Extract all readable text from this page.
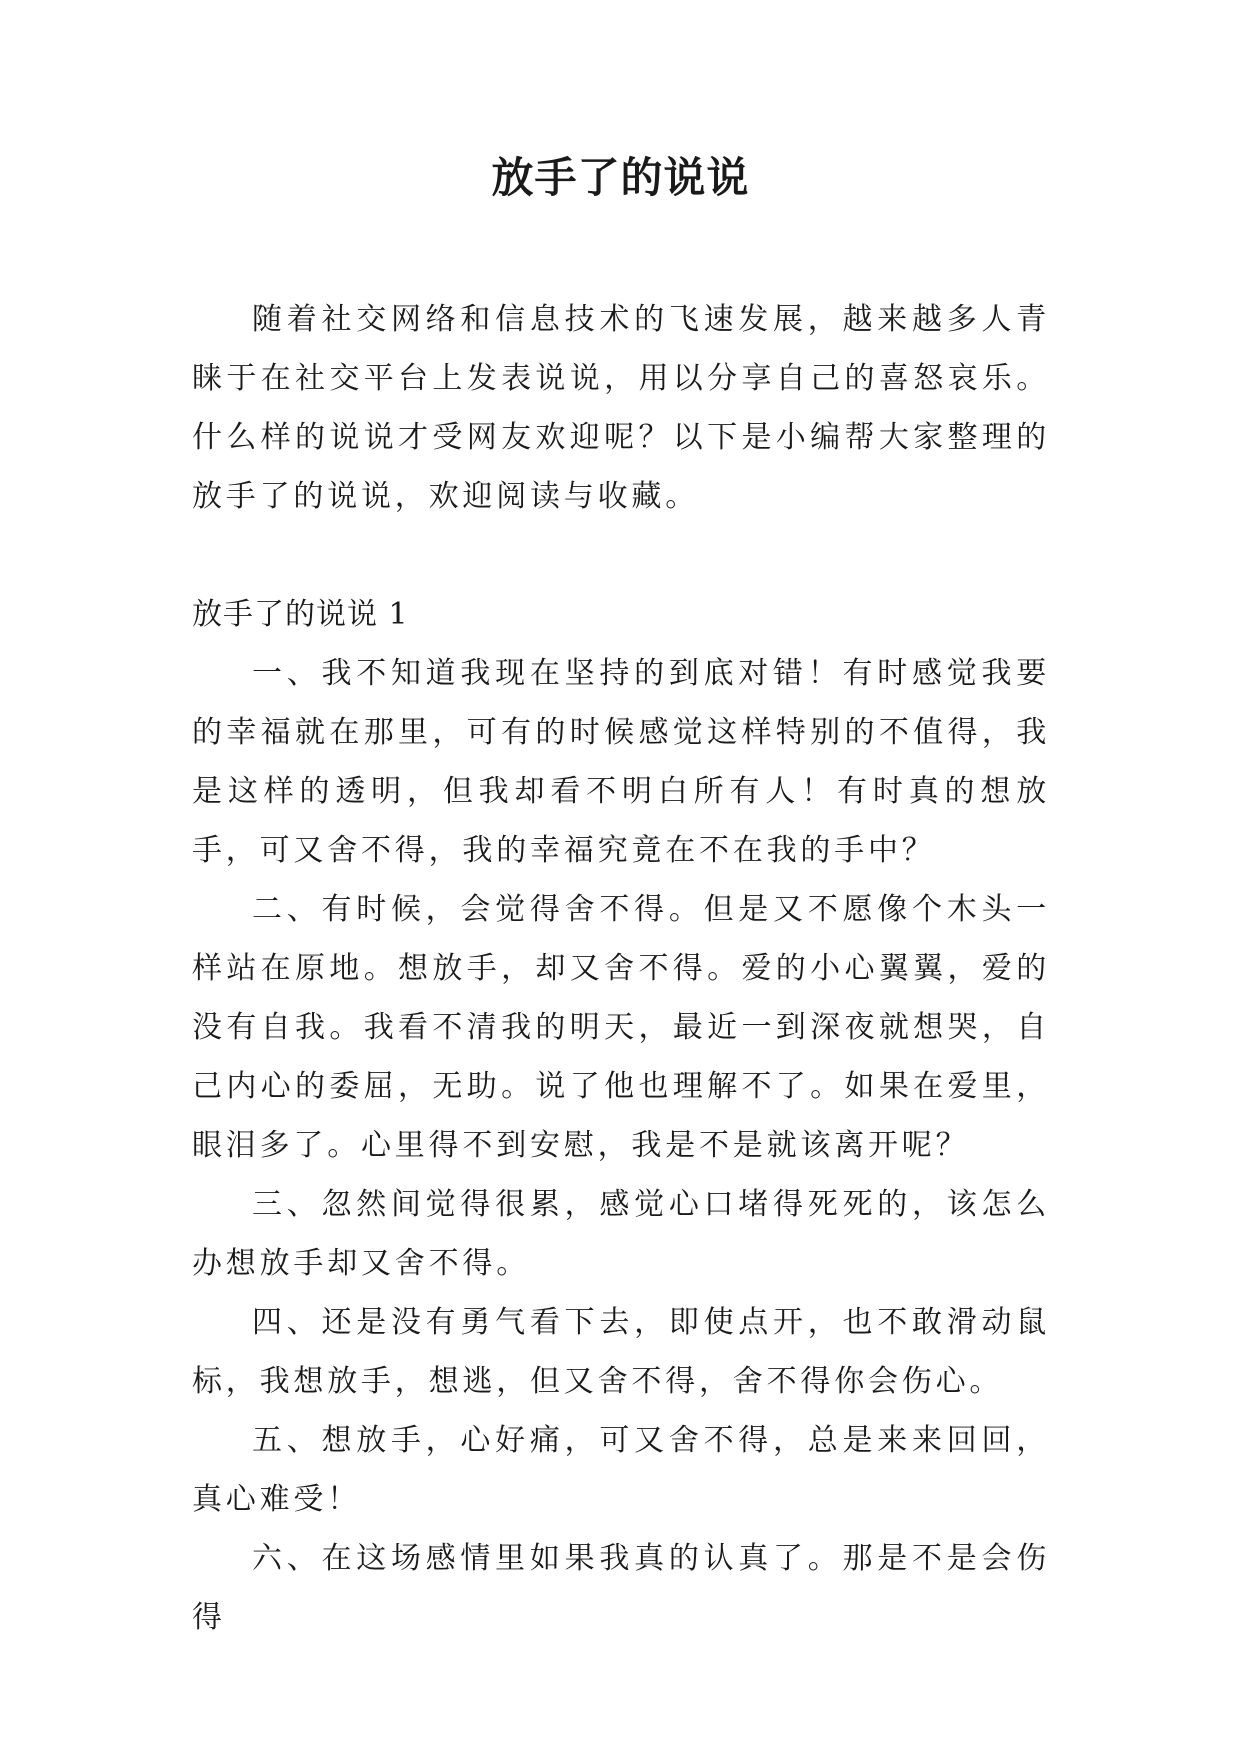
放手了的说说

随着社交网络和信息技术的飞速发展，越来越多人青睐于在社交平台上发表说说，用以分享自己的喜怒哀乐。什么样的说说才受网友欢迎呢？以下是小编帮大家整理的放手了的说说，欢迎阅读与收藏。

放手了的说说 1

一、我不知道我现在坚持的到底对错！有时感觉我要的幸福就在那里，可有的时候感觉这样特别的不值得，我是这样的透明，但我却看不明白所有人！有时真的想放手，可又舍不得，我的幸福究竟在不在我的手中？

二、有时候，会觉得舍不得。但是又不愿像个木头一样站在原地。想放手，却又舍不得。爱的小心翼翼，爱的没有自我。我看不清我的明天，最近一到深夜就想哭，自己内心的委屈，无助。说了他也理解不了。如果在爱里，眼泪多了。心里得不到安慰，我是不是就该离开呢？

三、忽然间觉得很累，感觉心口堵得死死的，该怎么办想放手却又舍不得。

四、还是没有勇气看下去，即使点开，也不敢滑动鼠标，我想放手，想逃，但又舍不得，舍不得你会伤心。

五、想放手，心好痛，可又舍不得，总是来来回回，真心难受！

六、在这场感情里如果我真的认真了。那是不是会伤得
